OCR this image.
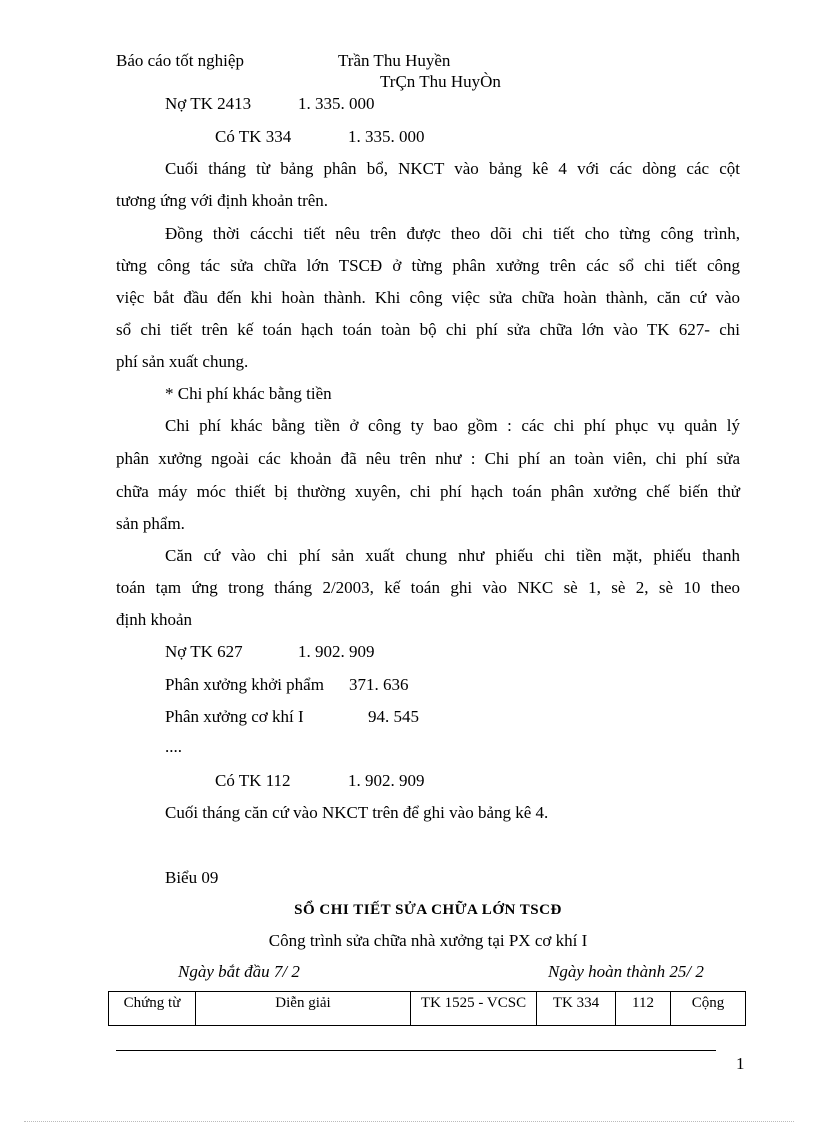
Báo cáo tốt nghiệp	Trần Thu Huyền
TrÇn Thu HuyÒn
Nợ TK 2413	1. 335. 000
Có TK 334	1. 335. 000
Cuối tháng từ bảng phân bổ, NKCT vào bảng kê 4 với các dòng các cột
tương ứng với định khoản trên.
Đồng thời cácchi tiết nêu trên được theo dõi chi tiết cho từng công trình,
từng công tác sửa chữa lớn TSCĐ ở từng phân xưởng trên các sổ chi tiết công
việc bắt đầu đến khi hoàn thành. Khi công việc sửa chữa hoàn thành, căn cứ vào
sổ chi tiết trên kế toán hạch toán toàn bộ chi phí sửa chữa lớn vào TK 627- chi
phí sản xuất chung.
* Chi phí khác bằng tiền
Chi phí khác bằng tiền ở công ty bao gồm : các chi phí phục vụ quản lý
phân xưởng ngoài các khoản đã nêu trên như : Chi phí an toàn viên, chi phí sửa
chữa máy móc thiết bị thường xuyên, chi phí hạch toán phân xưởng chế biến thử
sản phẩm.
Căn cứ vào chi phí sản xuất chung như phiếu chi tiền mặt, phiếu thanh
toán tạm ứng trong tháng 2/2003, kế toán ghi vào NKC sè 1, sè 2, sè 10 theo
định khoản
Nợ TK 627	1. 902. 909
Phân xưởng khởi phẩm 371. 636
Phân xưởng cơ khí I	94. 545
....
Có TK 112	1. 902. 909
Cuối tháng căn cứ vào NKCT trên để ghi vào bảng kê 4.
Biểu 09
SỔ CHI TIẾT SỬA CHỮA LỚN TSCĐ
Công trình sửa chữa nhà xưởng tại PX cơ khí I
Ngày bắt đầu 7/ 2	Ngày hoàn thành 25/ 2
Chứng từ	Diễn giải	TK 1525 - VCSC	TK 334	112	Cộng
1
